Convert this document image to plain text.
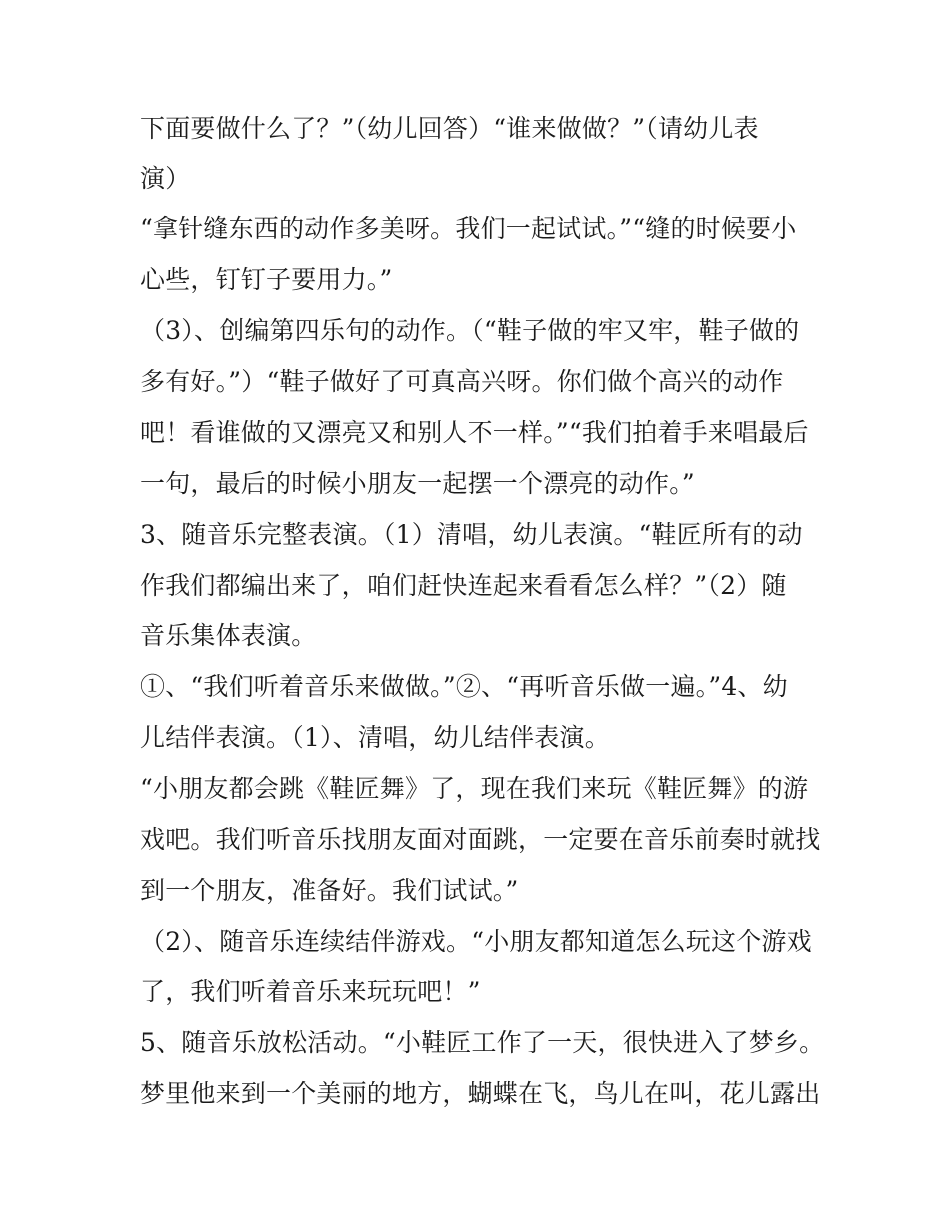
下面要做什么了？”（幼儿回答）“谁来做做？”（请幼儿表
演）
“拿针缝东西的动作多美呀。我们一起试试。”“缝的时候要小
心些，钉钉子要用力。”
（3）、创编第四乐句的动作。（“鞋子做的牢又牢，鞋子做的
多有好。”）“鞋子做好了可真高兴呀。你们做个高兴的动作
吧！看谁做的又漂亮又和别人不一样。”“我们拍着手来唱最后
一句，最后的时候小朋友一起摆一个漂亮的动作。”
3、随音乐完整表演。（1）清唱，幼儿表演。“鞋匠所有的动
作我们都编出来了，咱们赶快连起来看看怎么样？”（2）随
音乐集体表演。
①、“我们听着音乐来做做。”②、“再听音乐做一遍。”4、幼
儿结伴表演。（1）、清唱，幼儿结伴表演。
“小朋友都会跳《鞋匠舞》了，现在我们来玩《鞋匠舞》的游
戏吧。我们听音乐找朋友面对面跳，一定要在音乐前奏时就找
到一个朋友，准备好。我们试试。”
（2）、随音乐连续结伴游戏。“小朋友都知道怎么玩这个游戏
了，我们听着音乐来玩玩吧！”
5、随音乐放松活动。“小鞋匠工作了一天，很快进入了梦乡。
梦里他来到一个美丽的地方，蝴蝶在飞，鸟儿在叫，花儿露出
